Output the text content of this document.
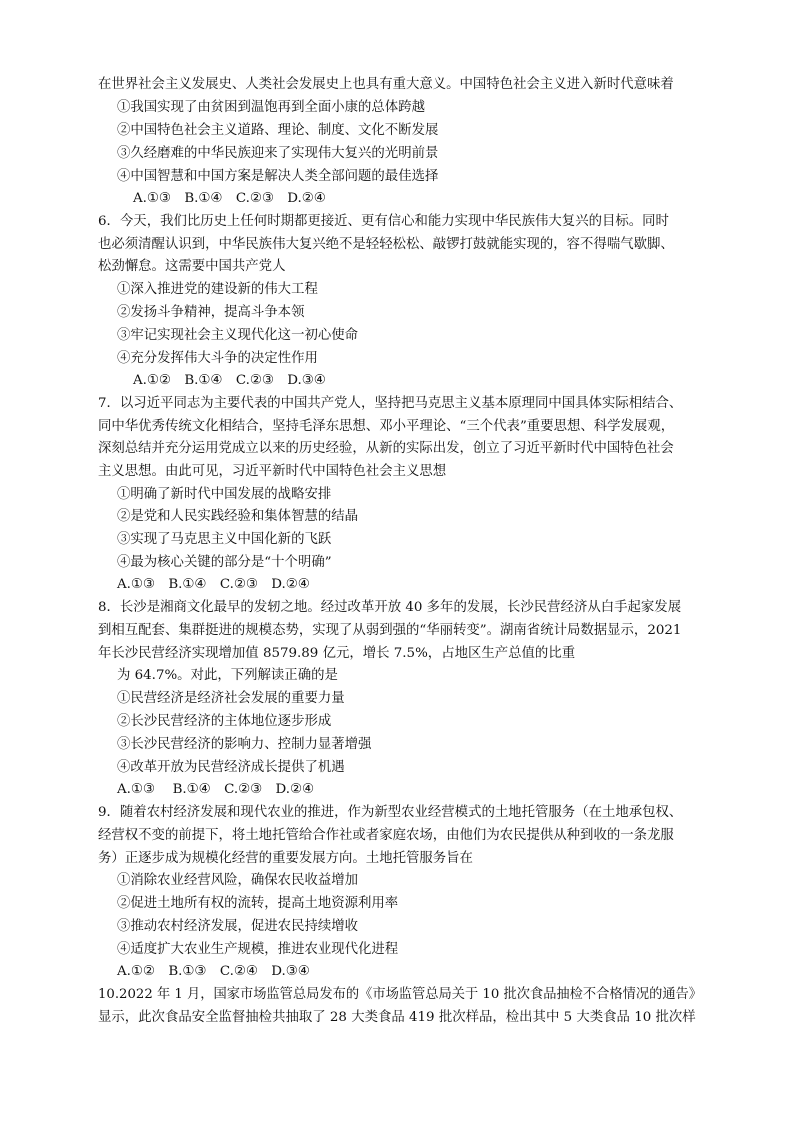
在世界社会主义发展史、人类社会发展史上也具有重大意义。中国特色社会主义进入新时代意味着
①我国实现了由贫困到温饱再到全面小康的总体跨越
②中国特色社会主义道路、理论、制度、文化不断发展
③久经磨难的中华民族迎来了实现伟大复兴的光明前景
④中国智慧和中国方案是解决人类全部问题的最佳选择
A.①③　B.①④　C.②③　D.②④
6．今天，我们比历史上任何时期都更接近、更有信心和能力实现中华民族伟大复兴的目标。同时
也必须清醒认识到，中华民族伟大复兴绝不是轻轻松松、敲锣打鼓就能实现的，容不得喘气歇脚、
松劲懈怠。这需要中国共产党人
①深入推进党的建设新的伟大工程
②发扬斗争精神，提高斗争本领
③牢记实现社会主义现代化这一初心使命
④充分发挥伟大斗争的决定性作用
A.①②　B.①④　C.②③　D.③④
7．以习近平同志为主要代表的中国共产党人，坚持把马克思主义基本原理同中国具体实际相结合、
同中华优秀传统文化相结合，坚持毛泽东思想、邓小平理论、“三个代表”重要思想、科学发展观，
深刻总结并充分运用党成立以来的历史经验，从新的实际出发，创立了习近平新时代中国特色社会
主义思想。由此可见，习近平新时代中国特色社会主义思想
①明确了新时代中国发展的战略安排
②是党和人民实践经验和集体智慧的结晶
③实现了马克思主义中国化新的飞跃
④最为核心关键的部分是“十个明确”
A.①③　B.①④　C.②③　D.②④
8．长沙是湘商文化最早的发轫之地。经过改革开放 40 多年的发展，长沙民营经济从白手起家发展
到相互配套、集群挺进的规模态势，实现了从弱到强的“华丽转变”。湖南省统计局数据显示，2021
年长沙民营经济实现增加值 8579.89 亿元，增长 7.5%，占地区生产总值的比重
为 64.7%。对此，下列解读正确的是
①民营经济是经济社会发展的重要力量
②长沙民营经济的主体地位逐步形成
③长沙民营经济的影响力、控制力显著增强
④改革开放为民营经济成长提供了机遇
A.①③　 B.①④　C.②③　D.②④
9．随着农村经济发展和现代农业的推进，作为新型农业经营模式的土地托管服务（在土地承包权、
经营权不变的前提下，将土地托管给合作社或者家庭农场，由他们为农民提供从种到收的一条龙服
务）正逐步成为规模化经营的重要发展方向。土地托管服务旨在
①消除农业经营风险，确保农民收益增加
②促进土地所有权的流转，提高土地资源利用率
③推动农村经济发展，促进农民持续增收
④适度扩大农业生产规模，推进农业现代化进程
A.①②　B.①③　C.②④　D.③④
10.2022 年 1 月，国家市场监管总局发布的《市场监管总局关于 10 批次食品抽检不合格情况的通告》
显示，此次食品安全监督抽检共抽取了 28 大类食品 419 批次样品，检出其中 5 大类食品 10 批次样
